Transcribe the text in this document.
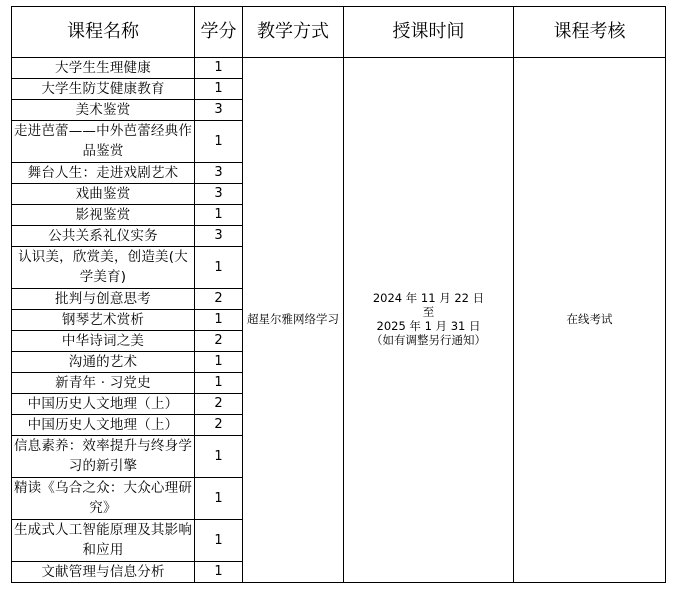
课程名称	学分	教学方式	授课时间	课程考核
大学生生理健康	1	超星尔雅网络学习	2024 年 11 月 22 日
至
2025 年 1 月 31 日
（如有调整另行通知）	在线考试
大学生防艾健康教育	1			
美术鉴赏	3			
走进芭蕾——中外芭蕾经典作品鉴赏	1			
舞台人生：走进戏剧艺术	3			
戏曲鉴赏	3			
影视鉴赏	1			
公共关系礼仪实务	3			
认识美，欣赏美，创造美(大学美育)	1			
批判与创意思考	2			
钢琴艺术赏析	1			
中华诗词之美	2			
沟通的艺术	1			
新青年 · 习党史	1			
中国历史人文地理（上）	2			
中国历史人文地理（上）	2			
信息素养：效率提升与终身学习的新引擎	1			
精读《乌合之众：大众心理研究》	1			
生成式人工智能原理及其影响和应用	1			
文献管理与信息分析	1			
